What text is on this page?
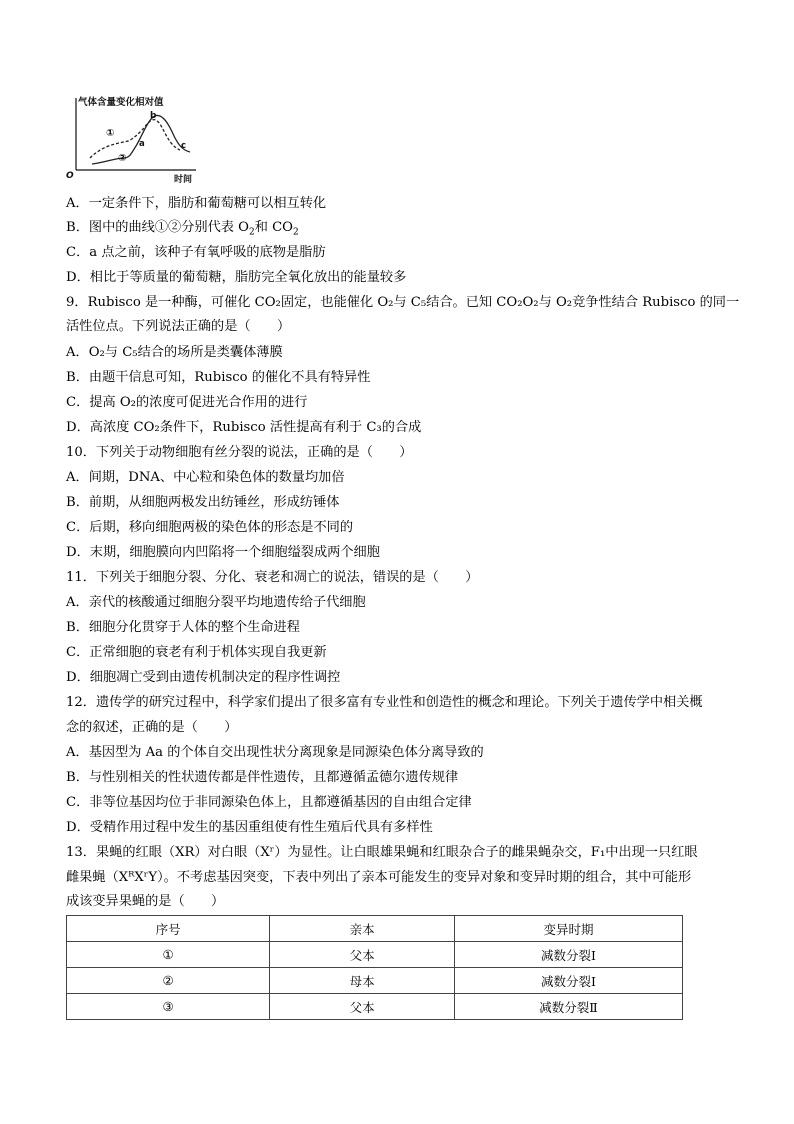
气体含量变化相对值
O	时间
①
②
a
b
c
A．一定条件下，脂肪和葡萄糖可以相互转化
B．图中的曲线①②分别代表 $O_2$和 $CO_2$
C．a 点之前，该种子有氧呼吸的底物是脂肪
D．相比于等质量的葡萄糖，脂肪完全氧化放出的能量较多
9．Rubisco 是一种酶，可催化 CO₂固定，也能催化 O₂与 C₅结合。已知 CO₂O₂与 O₂竞争性结合 Rubisco 的同一
活性位点。下列说法正确的是（　　）
A．O₂与 C₅结合的场所是类囊体薄膜
B．由题干信息可知，Rubisco 的催化不具有特异性
C．提高 O₂的浓度可促进光合作用的进行
D．高浓度 CO₂条件下，Rubisco 活性提高有利于 C₃的合成
10．下列关于动物细胞有丝分裂的说法，正确的是（　　）
A．间期，DNA、中心粒和染色体的数量均加倍
B．前期，从细胞两极发出纺锤丝，形成纺锤体
C．后期，移向细胞两极的染色体的形态是不同的
D．末期，细胞膜向内凹陷将一个细胞缢裂成两个细胞
11．下列关于细胞分裂、分化、衰老和凋亡的说法，错误的是（　　）
A．亲代的核酸通过细胞分裂平均地遗传给子代细胞
B．细胞分化贯穿于人体的整个生命进程
C．正常细胞的衰老有利于机体实现自我更新
D．细胞凋亡受到由遗传机制决定的程序性调控
12．遗传学的研究过程中，科学家们提出了很多富有专业性和创造性的概念和理论。下列关于遗传学中相关概
念的叙述，正确的是（　　）
A．基因型为 Aa 的个体自交出现性状分离现象是同源染色体分离导致的
B．与性别相关的性状遗传都是伴性遗传，且都遵循孟德尔遗传规律
C．非等位基因均位于非同源染色体上，且都遵循基因的自由组合定律
D．受精作用过程中发生的基因重组使有性生殖后代具有多样性
13．果蝇的红眼（XR）对白眼（Xʳ）为显性。让白眼雄果蝇和红眼杂合子的雌果蝇杂交，F₁中出现一只红眼
雌果蝇（XᴿXʳY）。不考虑基因突变，下表中列出了亲本可能发生的变异对象和变异时期的组合，其中可能形
成该变异果蝇的是（　　）
序号	亲本	变异时期
①	父本	减数分裂Ⅰ
②	母本	减数分裂Ⅰ
③	父本	减数分裂Ⅱ
